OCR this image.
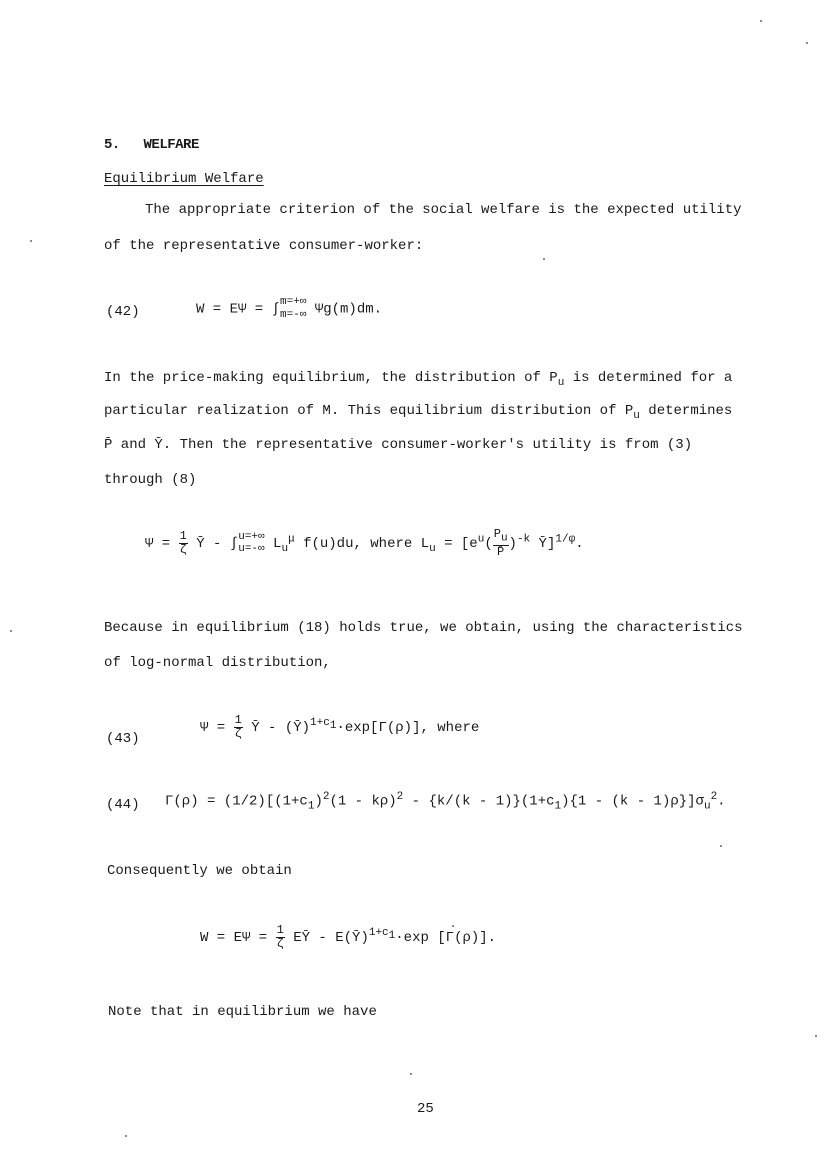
5. WELFARE
Equilibrium Welfare
The appropriate criterion of the social welfare is the expected utility
of the representative consumer-worker:
(42)	W = EΨ = ∫ m=+∞
m=-∞ Ψg(m)dm.
In the price-making equilibrium, the distribution of $P_u$ is determined for a
particular realization of M. This equilibrium distribution of $P_u$ determines
P̄ and Ȳ. Then the representative consumer-worker's utility is from (3)
through (8)
$\Psi = \frac{1}{\zeta}$ Ȳ - ∫ u=+∞
u=-∞ $L_u^\mu$ f(u)du, where $L_u = [e^u( \frac{P_u}{P̄} )^{-k}$ Ȳ]$^{1/\varphi}$.
Because in equilibrium (18) holds true, we obtain, using the characteristics
of log-normal distribution,
(43)
$\Psi = \frac{1}{\zeta}$ Ȳ - (Ȳ)$^{1+c_1}$·exp[Γ(ρ)], where
(44) $\Gamma(\rho) = (1/2)[(1+c_1)^2(1 - k\rho)^2 - \{k/(k - 1)\}(1+c_1)\{1 - (k - 1)\rho\}]\sigma_u^2$.
Consequently we obtain
$W = E\Psi = \frac{1}{\zeta}$ EȲ - E(Ȳ)$^{1+c_1}$·exp [Γ(ρ)].
Note that in equilibrium we have
25
